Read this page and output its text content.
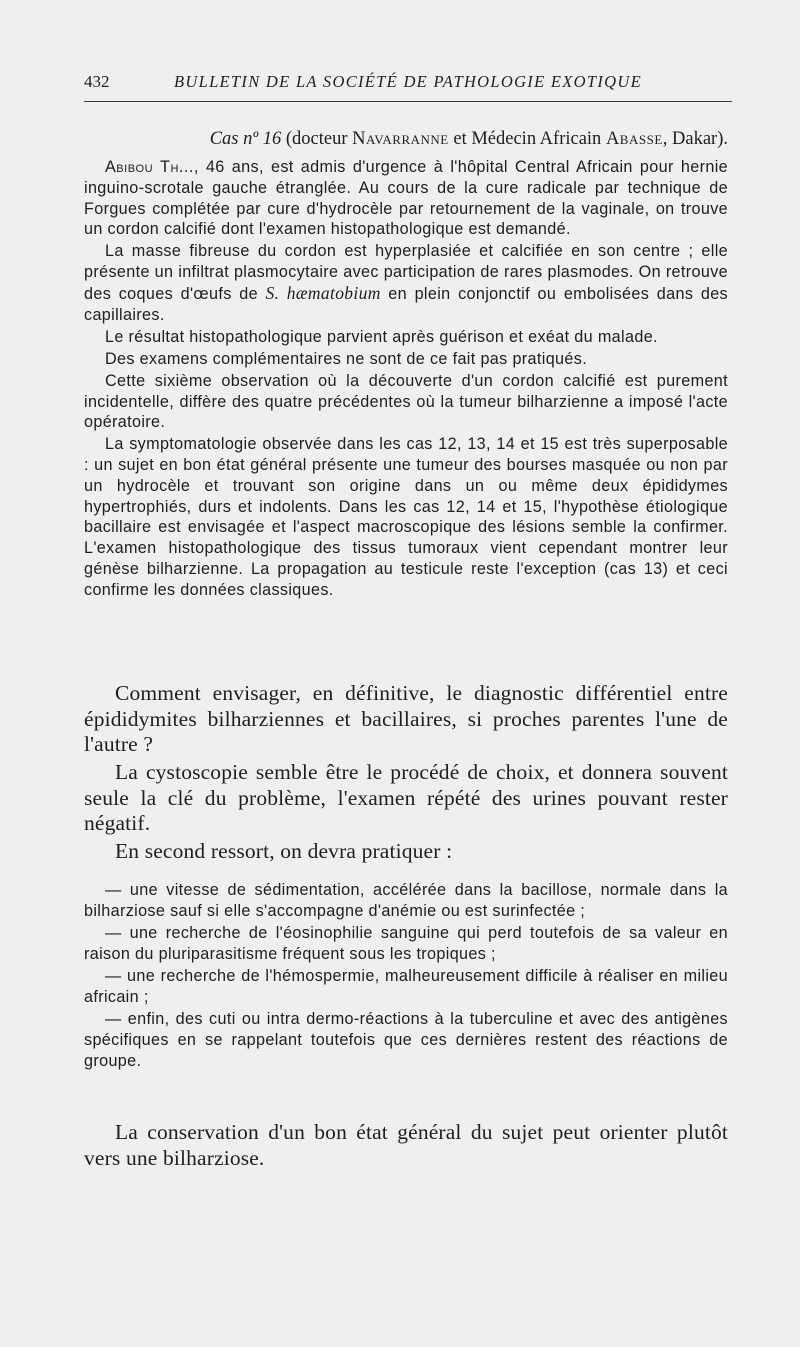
432	BULLETIN DE LA SOCIÉTÉ DE PATHOLOGIE EXOTIQUE
Cas nº 16 (docteur Navarranne et Médecin Africain Abasse, Dakar).

Abibou Th..., 46 ans, est admis d'urgence à l'hôpital Central Africain pour hernie inguino-scrotale gauche étranglée. Au cours de la cure radicale par technique de Forgues complétée par cure d'hydrocèle par retournement de la vaginale, on trouve un cordon calcifié dont l'examen histopathologique est demandé.

La masse fibreuse du cordon est hyperplasiée et calcifiée en son centre ; elle présente un infiltrat plasmocytaire avec participation de rares plasmodes. On retrouve des coques d'œufs de S. hæmatobium en plein conjonctif ou embolisées dans des capillaires.

Le résultat histopathologique parvient après guérison et exéat du malade.

Des examens complémentaires ne sont de ce fait pas pratiqués.

Cette sixième observation où la découverte d'un cordon calcifié est purement incidentelle, diffère des quatre précédentes où la tumeur bilharzienne a imposé l'acte opératoire.

La symptomatologie observée dans les cas 12, 13, 14 et 15 est très superposable : un sujet en bon état général présente une tumeur des bourses masquée ou non par un hydrocèle et trouvant son origine dans un ou même deux épididymes hypertrophiés, durs et indolents. Dans les cas 12, 14 et 15, l'hypothèse étiologique bacillaire est envisagée et l'aspect macroscopique des lésions semble la confirmer. L'examen histopathologique des tissus tumoraux vient cependant montrer leur génèse bilharzienne. La propagation au testicule reste l'exception (cas 13) et ceci confirme les données classiques.

Comment envisager, en définitive, le diagnostic différentiel entre épididymites bilharziennes et bacillaires, si proches parentes l'une de l'autre ?

La cystoscopie semble être le procédé de choix, et donnera souvent seule la clé du problème, l'examen répété des urines pouvant rester négatif.

En second ressort, on devra pratiquer :

— une vitesse de sédimentation, accélérée dans la bacillose, normale dans la bilharziose sauf si elle s'accompagne d'anémie ou est surinfectée ;

— une recherche de l'éosinophilie sanguine qui perd toutefois de sa valeur en raison du pluriparasitisme fréquent sous les tropiques ;

— une recherche de l'hémospermie, malheureusement difficile à réaliser en milieu africain ;

— enfin, des cuti ou intra dermo-réactions à la tuberculine et avec des antigènes spécifiques en se rappelant toutefois que ces dernières restent des réactions de groupe.

La conservation d'un bon état général du sujet peut orienter plutôt vers une bilharziose.
